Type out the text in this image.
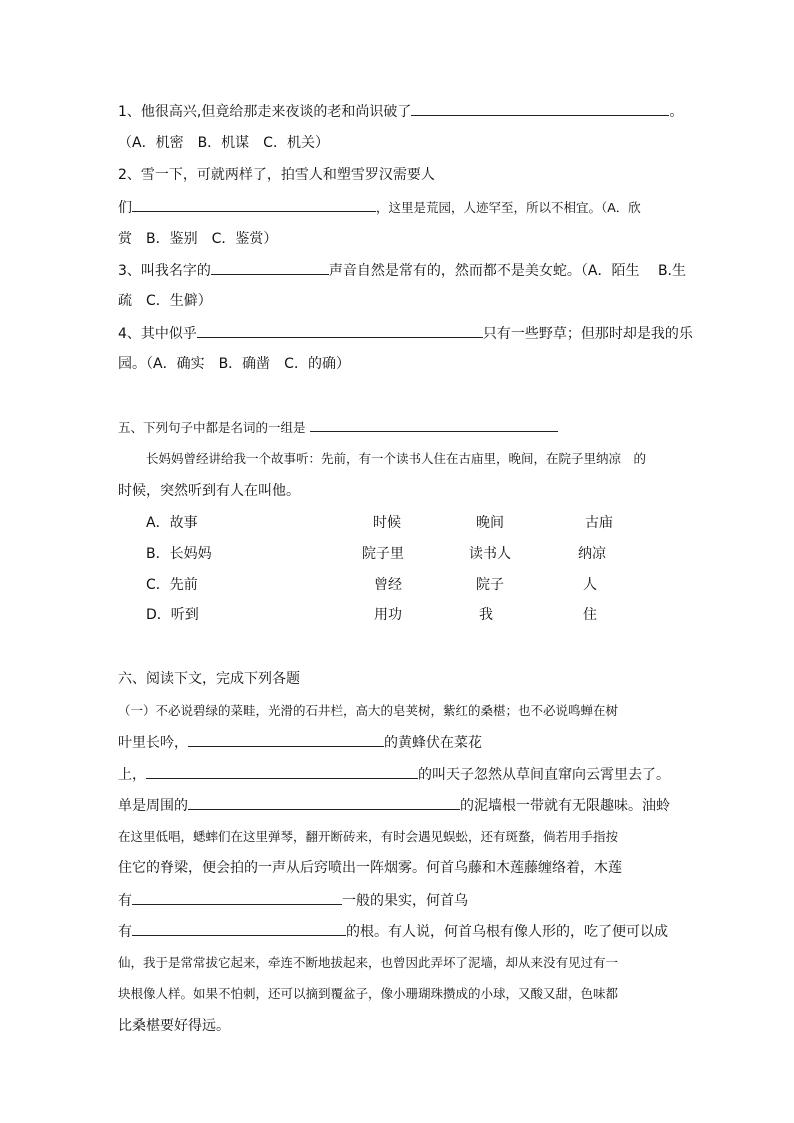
1、他很高兴,但竟给那走来夜谈的老和尚识破了	。
（A．机密　B．机谋　C．机关）
2、雪一下，可就两样了，拍雪人和塑雪罗汉需要人
们	，这里是荒园，人迹罕至，所以不相宜。（A．欣
赏　B．鉴别　C．鉴赏）
3、叫我名字的	声音自然是常有的，然而都不是美女蛇。（A．陌生　 B.生
疏　C．生僻）
4、其中似乎	只有一些野草；但那时却是我的乐
园。（A．确实　B．确凿　C．的确）
五、下列句子中都是名词的一组是
长妈妈曾经讲给我一个故事听：先前，有一个读书人住在古庙里，晚间，在院子里纳凉　的
时候，突然听到有人在叫他。
A．故事	时候	晚间	古庙
B．长妈妈	院子里	读书人	纳凉
C．先前	曾经	院子	人
D．听到	用功	我	住
六、阅读下文，完成下列各题
（一）不必说碧绿的菜畦，光滑的石井栏，高大的皂荚树，紫红的桑椹；也不必说鸣蝉在树
叶里长吟，	的黄蜂伏在菜花
上，	的叫天子忽然从草间直窜向云霄里去了。
单是周围的	的泥墙根一带就有无限趣味。油蛉
在这里低唱，蟋蟀们在这里弹琴，翻开断砖来，有时会遇见蜈蚣，还有斑蝥，倘若用手指按
住它的脊梁，便会拍的一声从后窍喷出一阵烟雾。何首乌藤和木莲藤缠络着，木莲
有	一般的果实，何首乌
有	的根。有人说，何首乌根有像人形的，吃了便可以成
仙，我于是常常拔它起来，牵连不断地拔起来，也曾因此弄坏了泥墙，却从来没有见过有一
块根像人样。如果不怕刺，还可以摘到覆盆子，像小珊瑚珠攒成的小球，又酸又甜，色味都
比桑椹要好得远。
